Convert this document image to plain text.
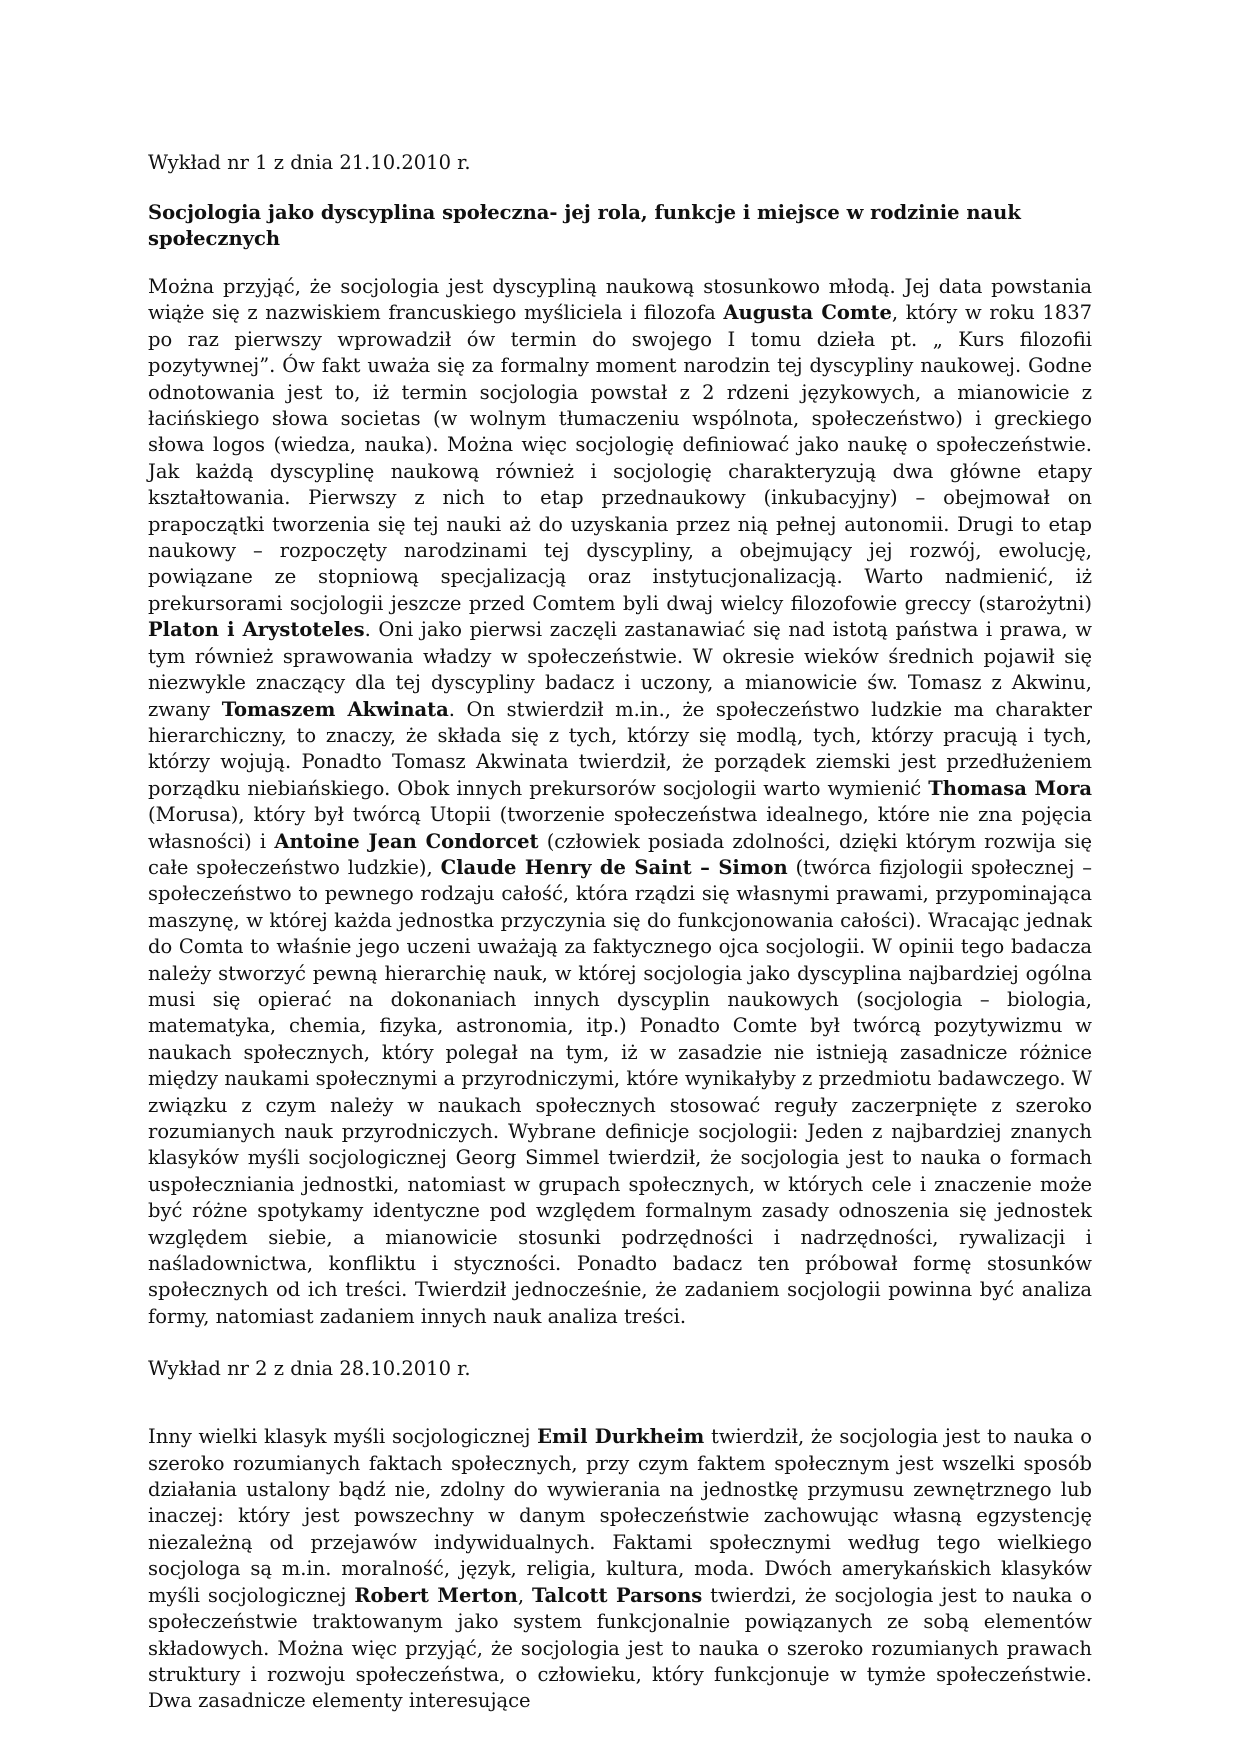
Wykład nr 1 z dnia 21.10.2010 r.

Socjologia jako dyscyplina społeczna- jej rola, funkcje i miejsce w rodzinie nauk społecznych

Można przyjąć, że socjologia jest dyscypliną naukową stosunkowo młodą. Jej data powstania wiąże się z nazwiskiem francuskiego myśliciela i filozofa Augusta Comte, który w roku 1837 po raz pierwszy wprowadził ów termin do swojego I tomu dzieła pt. „ Kurs filozofii pozytywnej”. Ów fakt uważa się za formalny moment narodzin tej dyscypliny naukowej. Godne odnotowania jest to, iż termin socjologia powstał z 2 rdzeni językowych, a mianowicie z łacińskiego słowa societas (w wolnym tłumaczeniu wspólnota, społeczeństwo) i greckiego słowa logos (wiedza, nauka). Można więc socjologię definiować jako naukę o społeczeństwie. Jak każdą dyscyplinę naukową również i socjologię charakteryzują dwa główne etapy kształtowania. Pierwszy z nich to etap przednaukowy (inkubacyjny) – obejmował on prapoczątki tworzenia się tej nauki aż do uzyskania przez nią pełnej autonomii. Drugi to etap naukowy – rozpoczęty narodzinami tej dyscypliny, a obejmujący jej rozwój, ewolucję, powiązane ze stopniową specjalizacją oraz instytucjonalizacją. Warto nadmienić, iż prekursorami socjologii jeszcze przed Comtem byli dwaj wielcy filozofowie greccy (starożytni) Platon i Arystoteles. Oni jako pierwsi zaczęli zastanawiać się nad istotą państwa i prawa, w tym również sprawowania władzy w społeczeństwie. W okresie wieków średnich pojawił się niezwykle znaczący dla tej dyscypliny badacz i uczony, a mianowicie św. Tomasz z Akwinu, zwany Tomaszem Akwinata. On stwierdził m.in., że społeczeństwo ludzkie ma charakter hierarchiczny, to znaczy, że składa się z tych, którzy się modlą, tych, którzy pracują i tych, którzy wojują. Ponadto Tomasz Akwinata twierdził, że porządek ziemski jest przedłużeniem porządku niebiańskiego. Obok innych prekursorów socjologii warto wymienić Thomasa Mora (Morusa), który był twórcą Utopii (tworzenie społeczeństwa idealnego, które nie zna pojęcia własności) i Antoine Jean Condorcet (człowiek posiada zdolności, dzięki którym rozwija się całe społeczeństwo ludzkie), Claude Henry de Saint – Simon (twórca fizjologii społecznej – społeczeństwo to pewnego rodzaju całość, która rządzi się własnymi prawami, przypominająca maszynę, w której każda jednostka przyczynia się do funkcjonowania całości). Wracając jednak do Comta to właśnie jego uczeni uważają za faktycznego ojca socjologii. W opinii tego badacza należy stworzyć pewną hierarchię nauk, w której socjologia jako dyscyplina najbardziej ogólna musi się opierać na dokonaniach innych dyscyplin naukowych (socjologia – biologia, matematyka, chemia, fizyka, astronomia, itp.) Ponadto Comte był twórcą pozytywizmu w naukach społecznych, który polegał na tym, iż w zasadzie nie istnieją zasadnicze różnice między naukami społecznymi a przyrodniczymi, które wynikałyby z przedmiotu badawczego. W związku z czym należy w naukach społecznych stosować reguły zaczerpnięte z szeroko rozumianych nauk przyrodniczych. Wybrane definicje socjologii: Jeden z najbardziej znanych klasyków myśli socjologicznej Georg Simmel twierdził, że socjologia jest to nauka o formach uspołeczniania jednostki, natomiast w grupach społecznych, w których cele i znaczenie może być różne spotykamy identyczne pod względem formalnym zasady odnoszenia się jednostek względem siebie, a mianowicie stosunki podrzędności i nadrzędności, rywalizacji i naśladownictwa, konfliktu i styczności. Ponadto badacz ten próbował formę stosunków społecznych od ich treści. Twierdził jednocześnie, że zadaniem socjologii powinna być analiza formy, natomiast zadaniem innych nauk analiza treści.

Wykład nr 2 z dnia 28.10.2010 r.

Inny wielki klasyk myśli socjologicznej Emil Durkheim twierdził, że socjologia jest to nauka o szeroko rozumianych faktach społecznych, przy czym faktem społecznym jest wszelki sposób działania ustalony bądź nie, zdolny do wywierania na jednostkę przymusu zewnętrznego lub inaczej: który jest powszechny w danym społeczeństwie zachowując własną egzystencję niezależną od przejawów indywidualnych. Faktami społecznymi według tego wielkiego socjologa są m.in. moralność, język, religia, kultura, moda. Dwóch amerykańskich klasyków myśli socjologicznej Robert Merton, Talcott Parsons twierdzi, że socjologia jest to nauka o społeczeństwie traktowanym jako system funkcjonalnie powiązanych ze sobą elementów składowych. Można więc przyjąć, że socjologia jest to nauka o szeroko rozumianych prawach struktury i rozwoju społeczeństwa, o człowieku, który funkcjonuje w tymże społeczeństwie. Dwa zasadnicze elementy interesujące
